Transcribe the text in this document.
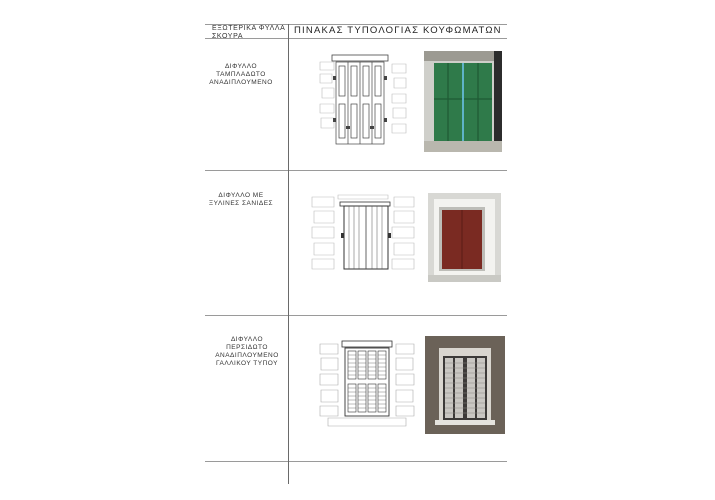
ΕΞΩΤΕΡΙΚΑ ΦΥΛΛΑ
ΣΚΟΥΡΑ
ΠΙΝΑΚΑΣ ΤΥΠΟΛΟΓΙΑΣ ΚΟΥΦΩΜΑΤΩΝ
ΔΙΦΥΛΛΟ
ΤΑΜΠΛΑΔΩΤΟ
ΑΝΑΔΙΠΛΟΥΜΕΝΟ
ΔΙΦΥΛΛΟ ΜΕ
ΞΥΛΙΝΕΣ ΣΑΝΙΔΕΣ
ΔΙΦΥΛΛΟ
ΠΕΡΣΙΔΩΤΟ
ΑΝΑΔΙΠΛΟΥΜΕΝΟ
ΓΑΛΛΙΚΟΥ ΤΥΠΟΥ
